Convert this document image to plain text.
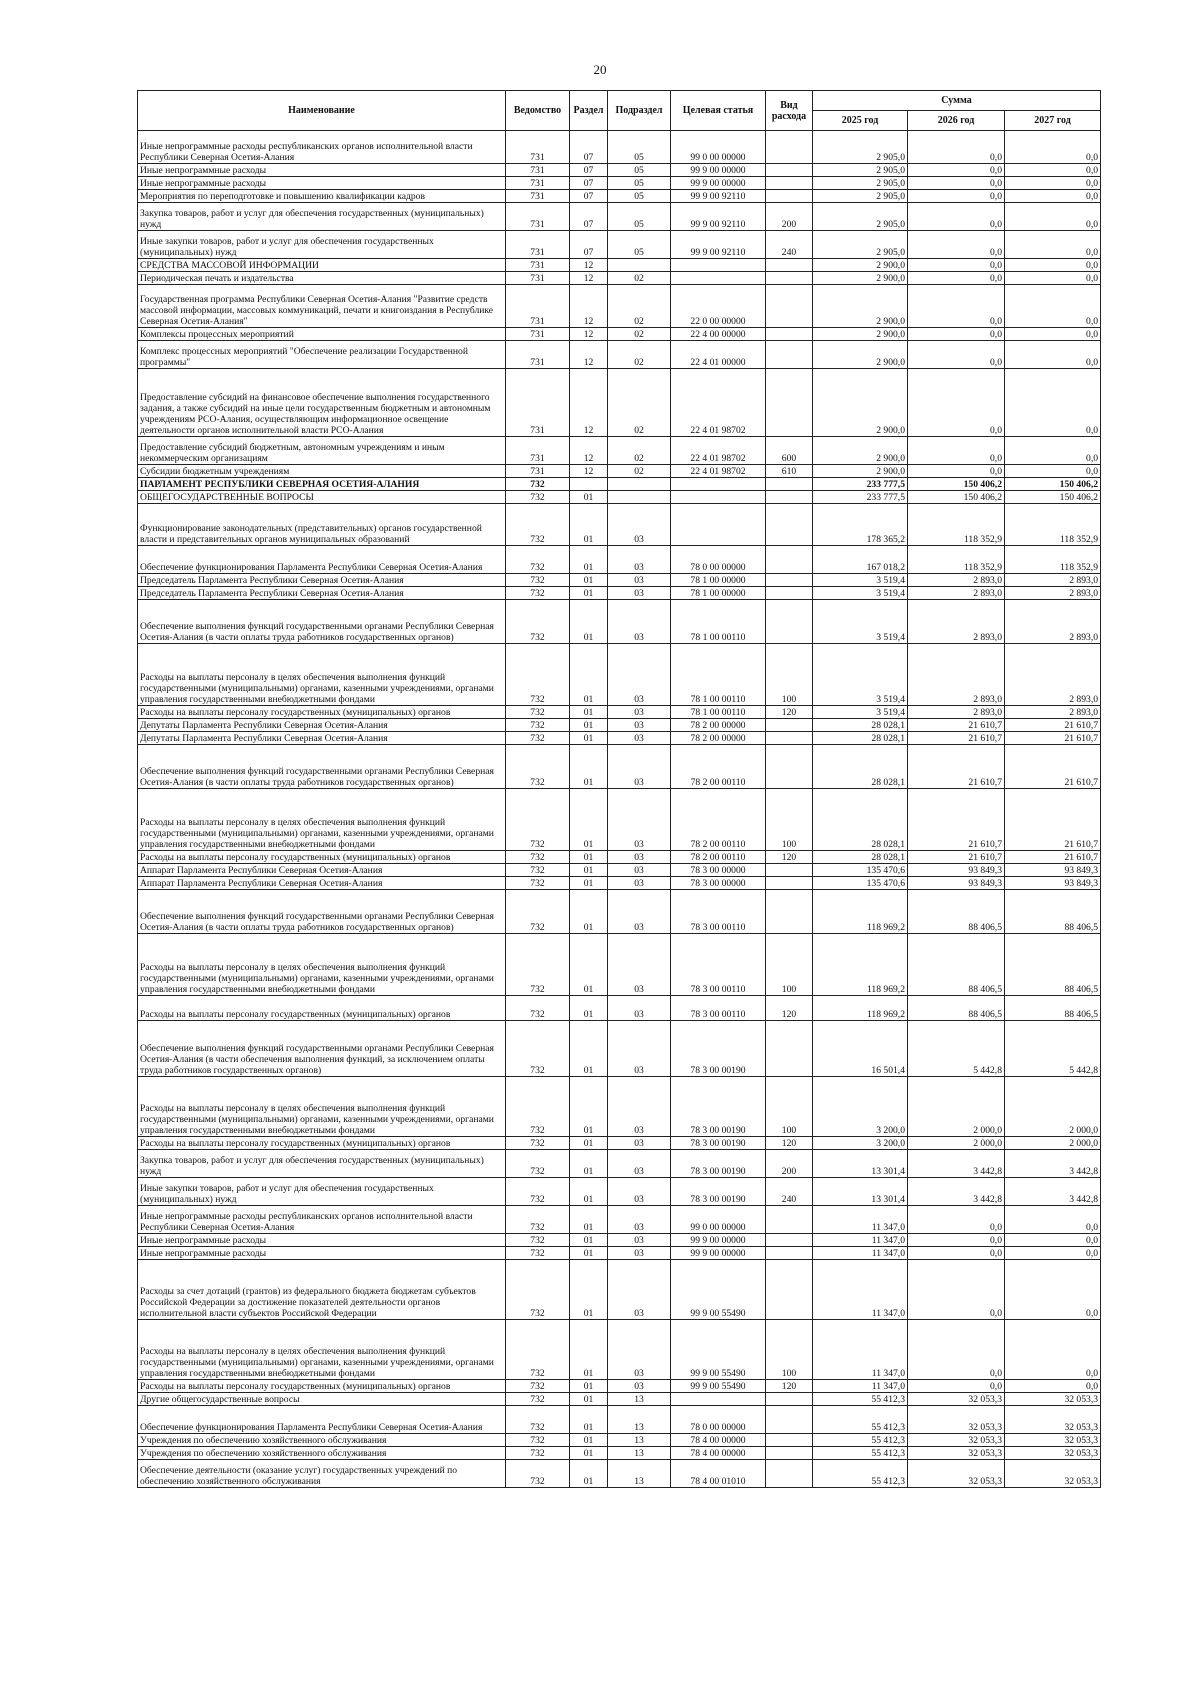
20
Наименование	Ведомство	Раздел	Подраздел	Целевая статья	Вид расхода	Сумма		
						2025 год	2026 год	2027 год
Иные непрограммные расходы республиканских органов исполнительной власти Республики Северная Осетия-Алания	731	07	05	99 0 00 00000		2 905,0	0,0	0,0
Иные непрограммные расходы	731	07	05	99 9 00 00000		2 905,0	0,0	0,0
Иные непрограммные расходы	731	07	05	99 9 00 00000		2 905,0	0,0	0,0
Мероприятия по переподготовке и повышению квалификации кадров	731	07	05	99 9 00 92110		2 905,0	0,0	0,0
Закупка товаров, работ и услуг для обеспечения государственных (муниципальных) нужд	731	07	05	99 9 00 92110	200	2 905,0	0,0	0,0
Иные закупки товаров, работ и услуг для обеспечения государственных (муниципальных) нужд	731	07	05	99 9 00 92110	240	2 905,0	0,0	0,0
СРЕДСТВА МАССОВОЙ ИНФОРМАЦИИ	731	12				2 900,0	0,0	0,0
Периодическая печать и издательства	731	12	02			2 900,0	0,0	0,0
Государственная программа Республики Северная Осетия-Алания "Развитие средств массовой информации, массовых коммуникаций, печати и книгоиздания в Республике Северная Осетия-Алания"	731	12	02	22 0 00 00000		2 900,0	0,0	0,0
Комплексы процессных мероприятий	731	12	02	22 4 00 00000		2 900,0	0,0	0,0
Комплекс процессных мероприятий "Обеспечение реализации Государственной программы"	731	12	02	22 4 01 00000		2 900,0	0,0	0,0
Предоставление субсидий на финансовое обеспечение выполнения государственного задания, а также субсидий на иные цели государственным бюджетным и автономным учреждениям РСО-Алания, осуществляющим информационное освещение деятельности органов исполнительной власти РСО-Алания	731	12	02	22 4 01 98702		2 900,0	0,0	0,0
Предоставление субсидий бюджетным, автономным учреждениям и иным некоммерческим организациям	731	12	02	22 4 01 98702	600	2 900,0	0,0	0,0
Субсидии бюджетным учреждениям	731	12	02	22 4 01 98702	610	2 900,0	0,0	0,0
ПАРЛАМЕНТ РЕСПУБЛИКИ СЕВЕРНАЯ ОСЕТИЯ-АЛАНИЯ	732					233 777,5	150 406,2	150 406,2
ОБЩЕГОСУДАРСТВЕННЫЕ ВОПРОСЫ	732	01				233 777,5	150 406,2	150 406,2
Функционирование законодательных (представительных) органов государственной власти и представительных органов муниципальных образований	732	01	03			178 365,2	118 352,9	118 352,9
Обеспечение функционирования Парламента Республики Северная Осетия-Алания	732	01	03	78 0 00 00000		167 018,2	118 352,9	118 352,9
Председатель Парламента Республики Северная Осетия-Алания	732	01	03	78 1 00 00000		3 519,4	2 893,0	2 893,0
Председатель Парламента Республики Северная Осетия-Алания	732	01	03	78 1 00 00000		3 519,4	2 893,0	2 893,0
Обеспечение выполнения функций государственными органами Республики Северная Осетия-Алания (в части оплаты труда работников государственных органов)	732	01	03	78 1 00 00110		3 519,4	2 893,0	2 893,0
Расходы на выплаты персоналу в целях обеспечения выполнения функций государственными (муниципальными) органами, казенными учреждениями, органами управления государственными внебюджетными фондами	732	01	03	78 1 00 00110	100	3 519,4	2 893,0	2 893,0
Расходы на выплаты персоналу государственных (муниципальных) органов	732	01	03	78 1 00 00110	120	3 519,4	2 893,0	2 893,0
Депутаты Парламента Республики Северная Осетия-Алания	732	01	03	78 2 00 00000		28 028,1	21 610,7	21 610,7
Депутаты Парламента Республики Северная Осетия-Алания	732	01	03	78 2 00 00000		28 028,1	21 610,7	21 610,7
Обеспечение выполнения функций государственными органами Республики Северная Осетия-Алания (в части оплаты труда работников государственных органов)	732	01	03	78 2 00 00110		28 028,1	21 610,7	21 610,7
Расходы на выплаты персоналу в целях обеспечения выполнения функций государственными (муниципальными) органами, казенными учреждениями, органами управления государственными внебюджетными фондами	732	01	03	78 2 00 00110	100	28 028,1	21 610,7	21 610,7
Расходы на выплаты персоналу государственных (муниципальных) органов	732	01	03	78 2 00 00110	120	28 028,1	21 610,7	21 610,7
Аппарат Парламента Республики Северная Осетия-Алания	732	01	03	78 3 00 00000		135 470,6	93 849,3	93 849,3
Аппарат Парламента Республики Северная Осетия-Алания	732	01	03	78 3 00 00000		135 470,6	93 849,3	93 849,3
Обеспечение выполнения функций государственными органами Республики Северная Осетия-Алания (в части оплаты труда работников государственных органов)	732	01	03	78 3 00 00110		118 969,2	88 406,5	88 406,5
Расходы на выплаты персоналу в целях обеспечения выполнения функций государственными (муниципальными) органами, казенными учреждениями, органами управления государственными внебюджетными фондами	732	01	03	78 3 00 00110	100	118 969,2	88 406,5	88 406,5
Расходы на выплаты персоналу государственных (муниципальных) органов	732	01	03	78 3 00 00110	120	118 969,2	88 406,5	88 406,5
Обеспечение выполнения функций государственными органами Республики Северная Осетия-Алания (в части обеспечения выполнения функций, за исключением оплаты труда работников государственных органов)	732	01	03	78 3 00 00190		16 501,4	5 442,8	5 442,8
Расходы на выплаты персоналу в целях обеспечения выполнения функций государственными (муниципальными) органами, казенными учреждениями, органами управления государственными внебюджетными фондами	732	01	03	78 3 00 00190	100	3 200,0	2 000,0	2 000,0
Расходы на выплаты персоналу государственных (муниципальных) органов	732	01	03	78 3 00 00190	120	3 200,0	2 000,0	2 000,0
Закупка товаров, работ и услуг для обеспечения государственных (муниципальных) нужд	732	01	03	78 3 00 00190	200	13 301,4	3 442,8	3 442,8
Иные закупки товаров, работ и услуг для обеспечения государственных (муниципальных) нужд	732	01	03	78 3 00 00190	240	13 301,4	3 442,8	3 442,8
Иные непрограммные расходы республиканских органов исполнительной власти Республики Северная Осетия-Алания	732	01	03	99 0 00 00000		11 347,0	0,0	0,0
Иные непрограммные расходы	732	01	03	99 9 00 00000		11 347,0	0,0	0,0
Иные непрограммные расходы	732	01	03	99 9 00 00000		11 347,0	0,0	0,0
Расходы за счет дотаций (грантов) из федерального бюджета бюджетам субъектов Российской Федерации за достижение показателей деятельности органов исполнительной власти субъектов Российской Федерации	732	01	03	99 9 00 55490		11 347,0	0,0	0,0
Расходы на выплаты персоналу в целях обеспечения выполнения функций государственными (муниципальными) органами, казенными учреждениями, органами управления государственными внебюджетными фондами	732	01	03	99 9 00 55490	100	11 347,0	0,0	0,0
Расходы на выплаты персоналу государственных (муниципальных) органов	732	01	03	99 9 00 55490	120	11 347,0	0,0	0,0
Другие общегосударственные вопросы	732	01	13			55 412,3	32 053,3	32 053,3
Обеспечение функционирования Парламента Республики Северная Осетия-Алания	732	01	13	78 0 00 00000		55 412,3	32 053,3	32 053,3
Учреждения по обеспечению хозяйственного обслуживания	732	01	13	78 4 00 00000		55 412,3	32 053,3	32 053,3
Учреждения по обеспечению хозяйственного обслуживания	732	01	13	78 4 00 00000		55 412,3	32 053,3	32 053,3
Обеспечение деятельности (оказание услуг) государственных учреждений по обеспечению хозяйственного обслуживания	732	01	13	78 4 00 01010		55 412,3	32 053,3	32 053,3
